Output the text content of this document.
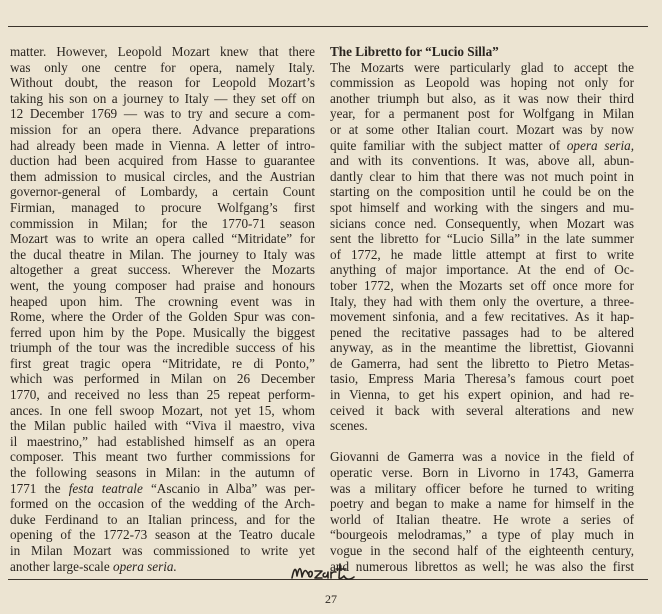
matter. However, Leopold Mozart knew that there
was only one centre for opera, namely Italy.
Without doubt, the reason for Leopold Mozart’s
taking his son on a journey to Italy — they set off on
12 December 1769 — was to try and secure a com-
mission for an opera there. Advance preparations
had already been made in Vienna. A letter of intro-
duction had been acquired from Hasse to guarantee
them admission to musical circles, and the Austrian
governor-general of Lombardy, a certain Count
Firmian, managed to procure Wolfgang’s first
commission in Milan; for the 1770-71 season
Mozart was to write an opera called “Mitridate” for
the ducal theatre in Milan. The journey to Italy was
altogether a great success. Wherever the Mozarts
went, the young composer had praise and honours
heaped upon him. The crowning event was in
Rome, where the Order of the Golden Spur was con-
ferred upon him by the Pope. Musically the biggest
triumph of the tour was the incredible success of his
first great tragic opera “Mitridate, re di Ponto,”
which was performed in Milan on 26 December
1770, and received no less than 25 repeat perform-
ances. In one fell swoop Mozart, not yet 15, whom
the Milan public hailed with “Viva il maestro, viva
il maestrino,” had established himself as an opera
composer. This meant two further commissions for
the following seasons in Milan: in the autumn of
1771 the festa teatrale “Ascanio in Alba” was per-
formed on the occasion of the wedding of the Arch-
duke Ferdinand to an Italian princess, and for the
opening of the 1772-73 season at the Teatro ducale
in Milan Mozart was commissioned to write yet
another large-scale opera seria.
The Libretto for “Lucio Silla”
The Mozarts were particularly glad to accept the
commission as Leopold was hoping not only for
another triumph but also, as it was now their third
year, for a permanent post for Wolfgang in Milan
or at some other Italian court. Mozart was by now
quite familiar with the subject matter of opera seria,
and with its conventions. It was, above all, abun-
dantly clear to him that there was not much point in
starting on the composition until he could be on the
spot himself and working with the singers and mu-
sicians conce ned. Consequently, when Mozart was
sent the libretto for “Lucio Silla” in the late summer
of 1772, he made little attempt at first to write
anything of major importance. At the end of Oc-
tober 1772, when the Mozarts set off once more for
Italy, they had with them only the overture, a three-
movement sinfonia, and a few recitatives. As it hap-
pened the recitative passages had to be altered
anyway, as in the meantime the librettist, Giovanni
de Gamerra, had sent the libretto to Pietro Metas-
tasio, Empress Maria Theresa’s famous court poet
in Vienna, to get his expert opinion, and had re-
ceived it back with several alterations and new
scenes.
Giovanni de Gamerra was a novice in the field of
operatic verse. Born in Livorno in 1743, Gamerra
was a military officer before he turned to writing
poetry and began to make a name for himself in the
world of Italian theatre. He wrote a series of
“bourgeois melodramas,” a type of play much in
vogue in the second half of the eighteenth century,
and numerous librettos as well; he was also the first
27
